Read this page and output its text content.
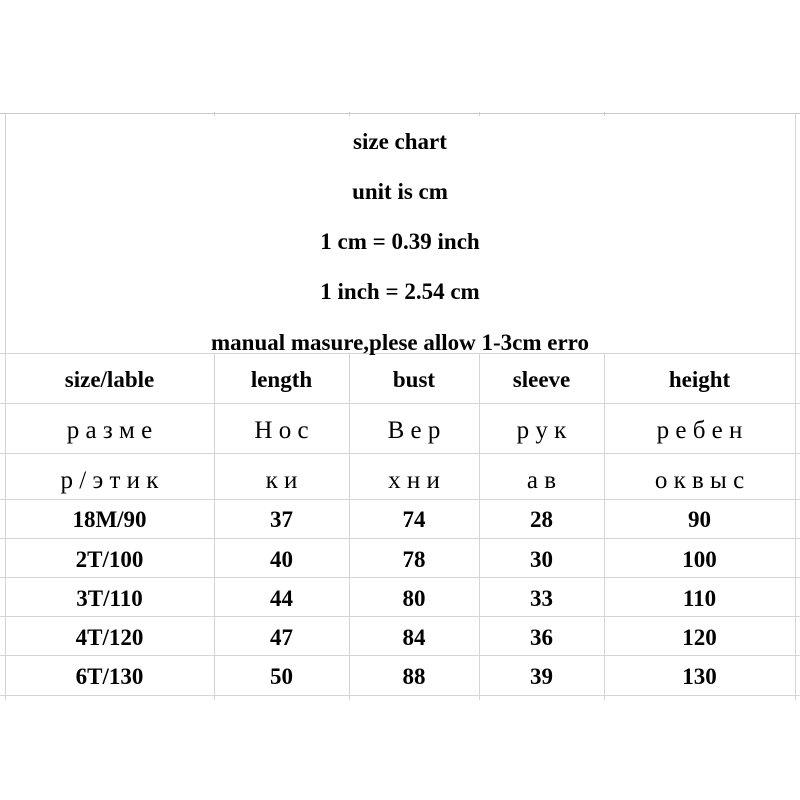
size chart
unit is cm
1 cm = 0.39 inch
1 inch = 2.54 cm
manual masure,plese allow 1-3cm erro
size/lable	length	bust	sleeve	height
р а з м е	Н о с	В е р	р у к	р е б е н
р / э т и к	к и	х н и	а в	о к в ы с
18M/90	37	74	28	90
2T/100	40	78	30	100
3T/110	44	80	33	110
4T/120	47	84	36	120
6T/130	50	88	39	130
